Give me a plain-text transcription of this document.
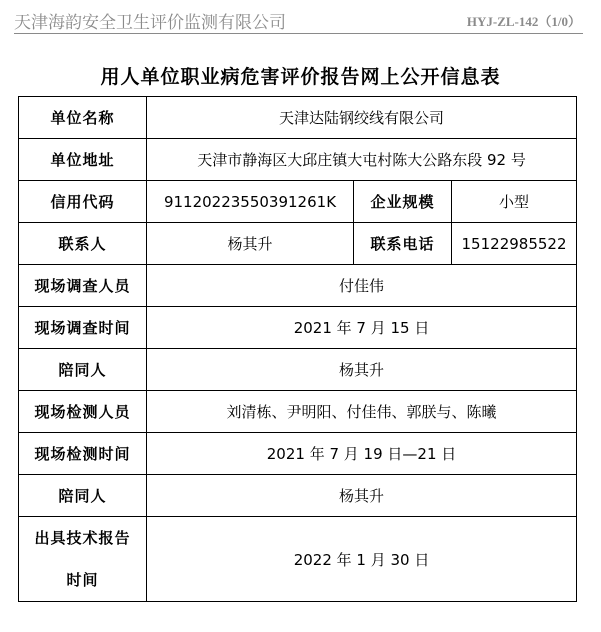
天津海韵安全卫生评价监测有限公司	HYJ-ZL-142（1/0）
用人单位职业病危害评价报告网上公开信息表
单位名称	天津达陆钢绞线有限公司		
单位地址	天津市静海区大邱庄镇大屯村陈大公路东段 92 号		
信用代码	91120223550391261K	企业规模	小型
联系人	杨其升	联系电话	15122985522
现场调查人员	付佳伟		
现场调查时间	2021 年 7 月 15 日		
陪同人	杨其升		
现场检测人员	刘清栋、尹明阳、付佳伟、郭朕与、陈曦		
现场检测时间	2021 年 7 月 19 日—21 日		
陪同人	杨其升		

出具技术报告
时间	2022 年 1 月 30 日		
